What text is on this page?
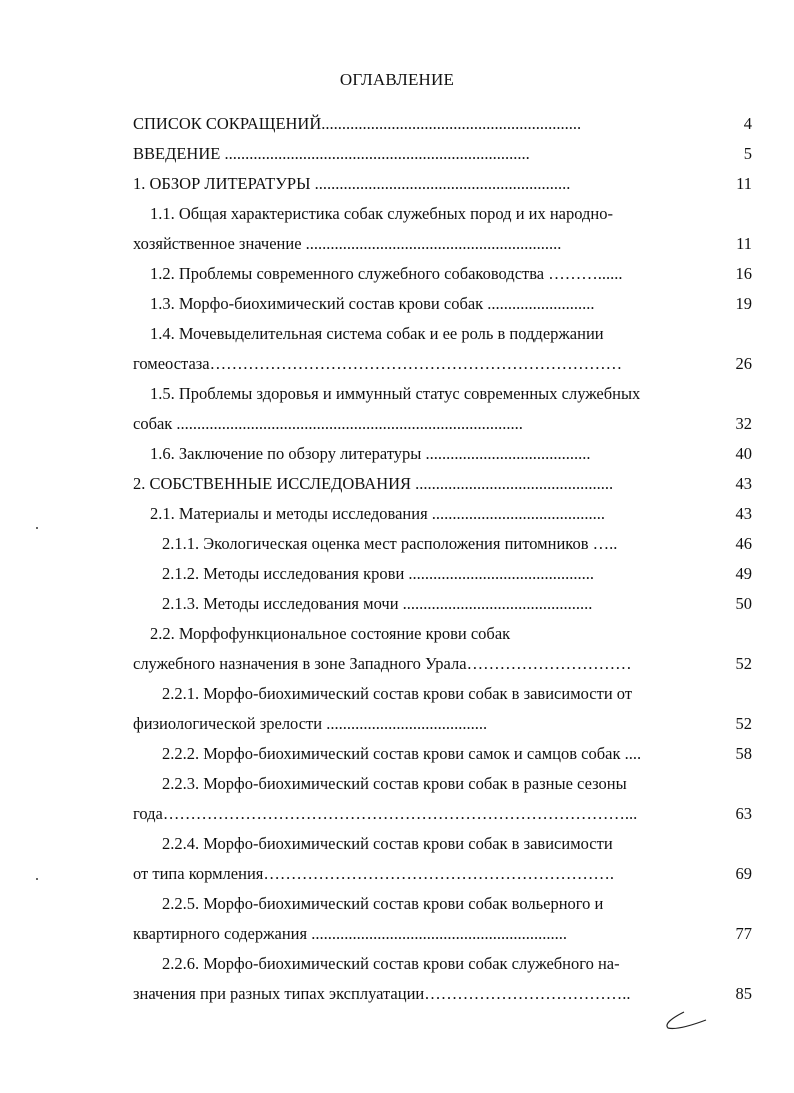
ОГЛАВЛЕНИЕ
СПИСОК СОКРАЩЕНИЙ...............................................................	4
ВВЕДЕНИЕ ..........................................................................	5
1. ОБЗОР ЛИТЕРАТУРЫ ..............................................................	11
1.1. Общая характеристика собак служебных пород и их народно-
хозяйственное значение ..............................................................	11
1.2. Проблемы современного служебного собаководства ………......	16
1.3. Морфо-биохимический состав крови собак ..........................	19
1.4. Мочевыделительная система собак и ее роль в поддержании
гомеостаза…………………………………………………………………	26
1.5. Проблемы здоровья и иммунный статус современных служебных
собак ....................................................................................	32
1.6. Заключение по обзору литературы ........................................	40
2. СОБСТВЕННЫЕ ИССЛЕДОВАНИЯ ................................................	43
2.1. Материалы и методы исследования ..........................................	43
2.1.1. Экологическая оценка мест расположения питомников …..	46
2.1.2. Методы исследования крови .............................................	49
2.1.3. Методы исследования мочи ..............................................	50
2.2. Морфофункциональное состояние крови собак
служебного назначения в зоне Западного Урала…………………………	52
2.2.1. Морфо-биохимический состав крови собак в зависимости от
физиологической зрелости .......................................	52
2.2.2. Морфо-биохимический состав крови самок и самцов собак ....	58
2.2.3. Морфо-биохимический состав крови собак в разные сезоны
года…………………………………………………………………………...	63
2.2.4. Морфо-биохимический состав крови собак в зависимости
от типа кормления……………………………………………………….	69
2.2.5. Морфо-биохимический состав крови собак вольерного и
квартирного содержания ..............................................................	77
2.2.6. Морфо-биохимический состав крови собак служебного на-
значения при разных типах эксплуатации………………………………..	85
